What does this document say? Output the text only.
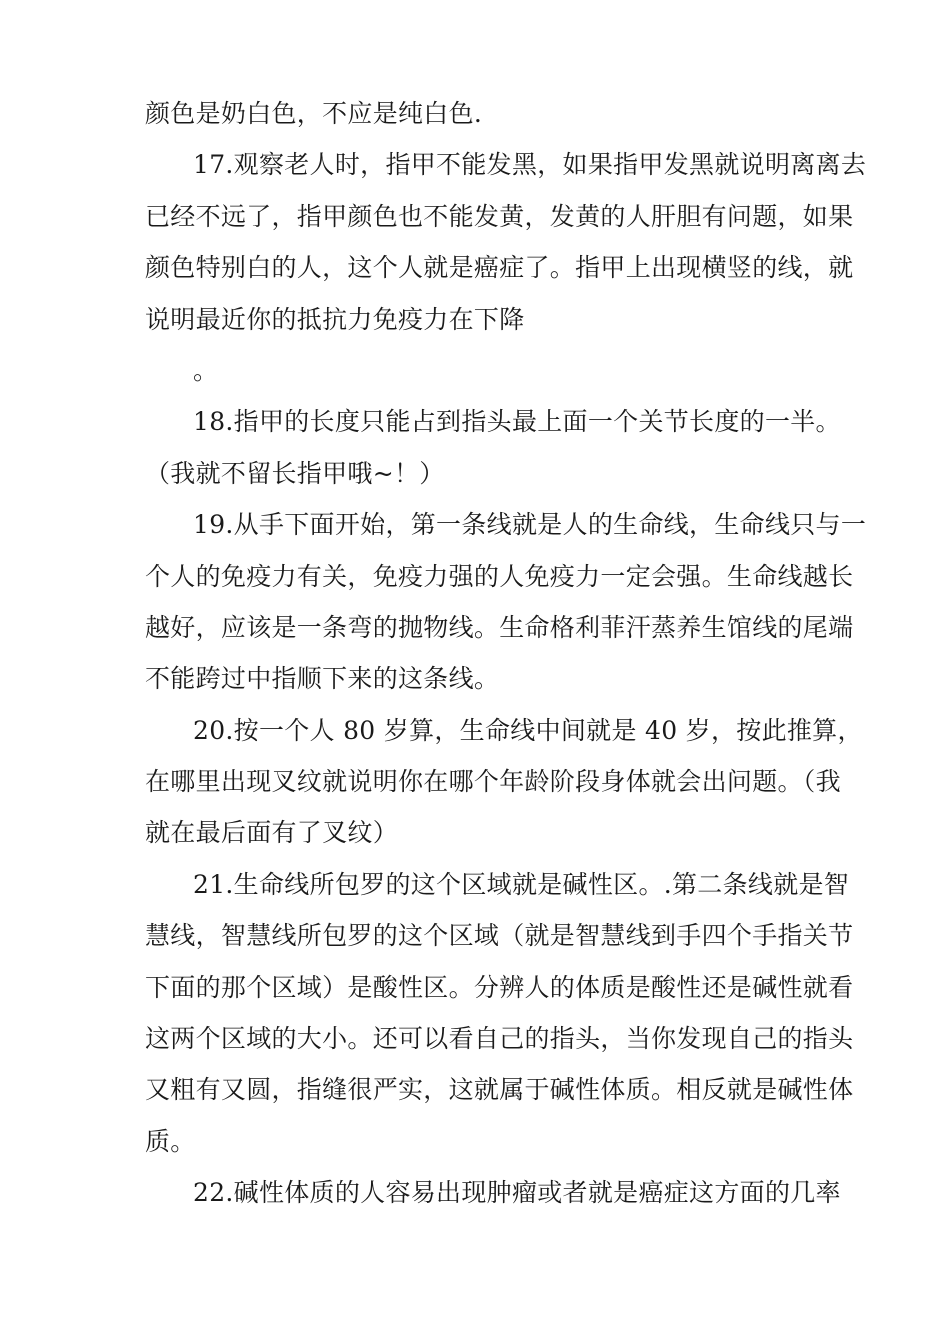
颜色是奶白色，不应是纯白色.
17.观察老人时，指甲不能发黑，如果指甲发黑就说明离离去
已经不远了，指甲颜色也不能发黄，发黄的人肝胆有问题，如果
颜色特别白的人，这个人就是癌症了。指甲上出现横竖的线，就
说明最近你的抵抗力免疫力在下降
。
18.指甲的长度只能占到指头最上面一个关节长度的一半。
（我就不留长指甲哦~！）
19.从手下面开始，第一条线就是人的生命线，生命线只与一
个人的免疫力有关，免疫力强的人免疫力一定会强。生命线越长
越好，应该是一条弯的抛物线。生命格利菲汗蒸养生馆线的尾端
不能跨过中指顺下来的这条线。
20.按一个人 80 岁算，生命线中间就是 40 岁，按此推算，
在哪里出现叉纹就说明你在哪个年龄阶段身体就会出问题。（我
就在最后面有了叉纹）
21.生命线所包罗的这个区域就是碱性区。.第二条线就是智
慧线，智慧线所包罗的这个区域（就是智慧线到手四个手指关节
下面的那个区域）是酸性区。分辨人的体质是酸性还是碱性就看
这两个区域的大小。还可以看自己的指头，当你发现自己的指头
又粗有又圆，指缝很严实，这就属于碱性体质。相反就是碱性体
质。
22.碱性体质的人容易出现肿瘤或者就是癌症这方面的几率
